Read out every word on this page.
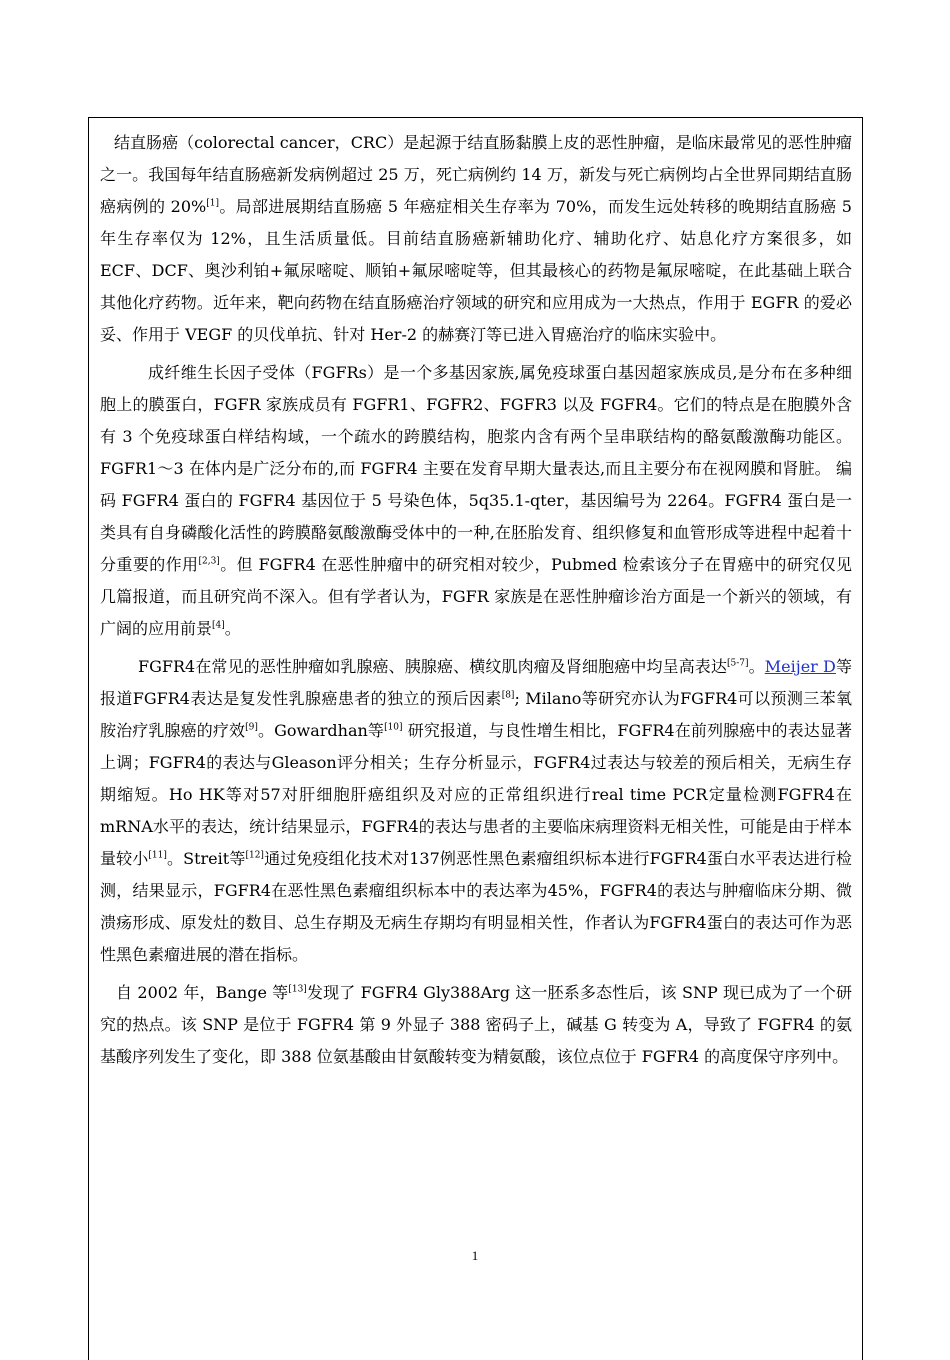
结直肠癌（colorectal cancer，CRC）是起源于结直肠黏膜上皮的恶性肿瘤，是临床最常见的恶性肿瘤之一。我国每年结直肠癌新发病例超过 25 万，死亡病例约 14 万，新发与死亡病例均占全世界同期结直肠癌病例的 20%[1]。局部进展期结直肠癌 5 年癌症相关生存率为 70%，而发生远处转移的晚期结直肠癌 5 年生存率仅为 12%，且生活质量低。目前结直肠癌新辅助化疗、辅助化疗、姑息化疗方案很多，如 ECF、DCF、奥沙利铂+氟尿嘧啶、顺铂+氟尿嘧啶等，但其最核心的药物是氟尿嘧啶，在此基础上联合其他化疗药物。近年来，靶向药物在结直肠癌治疗领域的研究和应用成为一大热点，作用于 EGFR 的爱必妥、作用于 VEGF 的贝伐单抗、针对 Her-2 的赫赛汀等已进入胃癌治疗的临床实验中。

成纤维生长因子受体（FGFRs）是一个多基因家族,属免疫球蛋白基因超家族成员,是分布在多种细胞上的膜蛋白，FGFR 家族成员有 FGFR1、FGFR2、FGFR3 以及 FGFR4。它们的特点是在胞膜外含有 3 个免疫球蛋白样结构域，一个疏水的跨膜结构，胞浆内含有两个呈串联结构的酪氨酸激酶功能区。FGFR1～3 在体内是广泛分布的,而 FGFR4 主要在发育早期大量表达,而且主要分布在视网膜和肾脏。 编码 FGFR4 蛋白的 FGFR4 基因位于 5 号染色体，5q35.1-qter，基因编号为 2264。FGFR4 蛋白是一类具有自身磷酸化活性的跨膜酪氨酸激酶受体中的一种,在胚胎发育、组织修复和血管形成等进程中起着十分重要的作用[2,3]。但 FGFR4 在恶性肿瘤中的研究相对较少，Pubmed 检索该分子在胃癌中的研究仅见几篇报道，而且研究尚不深入。但有学者认为，FGFR 家族是在恶性肿瘤诊治方面是一个新兴的领域，有广阔的应用前景[4]。

FGFR4在常见的恶性肿瘤如乳腺癌、胰腺癌、横纹肌肉瘤及肾细胞癌中均呈高表达[5-7]。Meijer D等报道FGFR4表达是复发性乳腺癌患者的独立的预后因素[8]; Milano等研究亦认为FGFR4可以预测三苯氧胺治疗乳腺癌的疗效[9]。Gowardhan等[10] 研究报道，与良性增生相比，FGFR4在前列腺癌中的表达显著上调；FGFR4的表达与Gleason评分相关；生存分析显示，FGFR4过表达与较差的预后相关，无病生存期缩短。Ho HK等对57对肝细胞肝癌组织及对应的正常组织进行real time PCR定量检测FGFR4在mRNA水平的表达，统计结果显示，FGFR4的表达与患者的主要临床病理资料无相关性，可能是由于样本量较小[11]。Streit等[12]通过免疫组化技术对137例恶性黑色素瘤组织标本进行FGFR4蛋白水平表达进行检测，结果显示，FGFR4在恶性黑色素瘤组织标本中的表达率为45%，FGFR4的表达与肿瘤临床分期、微溃疡形成、原发灶的数目、总生存期及无病生存期均有明显相关性，作者认为FGFR4蛋白的表达可作为恶性黑色素瘤进展的潜在指标。

自 2002 年，Bange 等[13]发现了 FGFR4 Gly388Arg 这一胚系多态性后，该 SNP 现已成为了一个研究的热点。该 SNP 是位于 FGFR4 第 9 外显子 388 密码子上，碱基 G 转变为 A，导致了 FGFR4 的氨基酸序列发生了变化，即 388 位氨基酸由甘氨酸转变为精氨酸，该位点位于 FGFR4 的高度保守序列中。

1
